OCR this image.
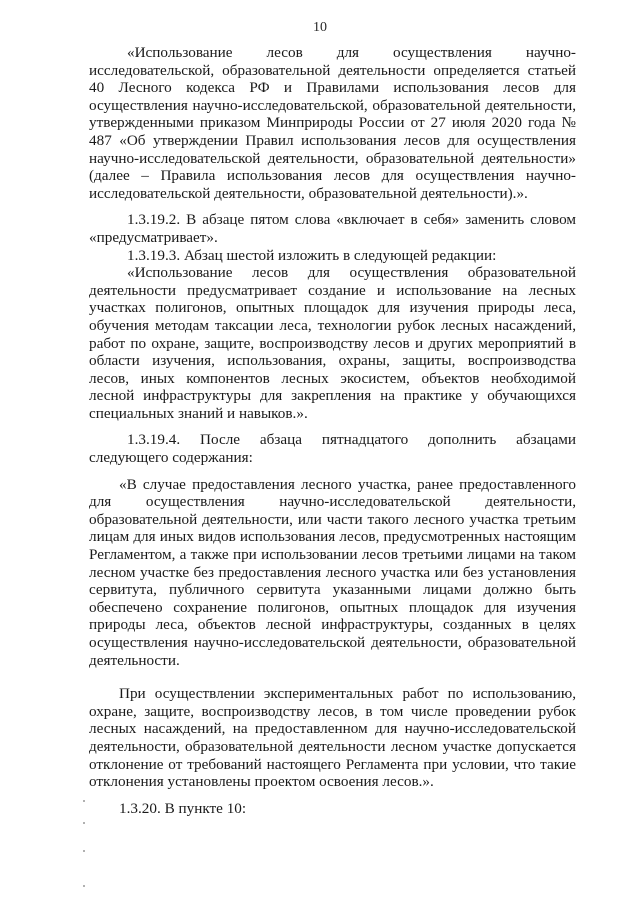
10

«Использование лесов для осуществления научно-исследовательской, образовательной деятельности определяется статьей 40 Лесного кодекса РФ и Правилами использования лесов для осуществления научно-исследовательской, образовательной деятельности, утвержденными приказом Минприроды России от 27 июля 2020 года № 487 «Об утверждении Правил использования лесов для осуществления научно-исследовательской деятельности, образовательной деятельности» (далее – Правила использования лесов для осуществления научно-исследовательской деятельности, образовательной деятельности).».

1.3.19.2. В абзаце пятом слова «включает в себя» заменить словом «предусматривает».

1.3.19.3. Абзац шестой изложить в следующей редакции:

«Использование лесов для осуществления образовательной деятельности предусматривает создание и использование на лесных участках полигонов, опытных площадок для изучения природы леса, обучения методам таксации леса, технологии рубок лесных насаждений, работ по охране, защите, воспроизводству лесов и других мероприятий в области изучения, использования, охраны, защиты, воспроизводства лесов, иных компонентов лесных экосистем, объектов необходимой лесной инфраструктуры для закрепления на практике у обучающихся специальных знаний и навыков.».

1.3.19.4. После абзаца пятнадцатого дополнить абзацами следующего содержания:

«В случае предоставления лесного участка, ранее предоставленного для осуществления научно-исследовательской деятельности, образовательной деятельности, или части такого лесного участка третьим лицам для иных видов использования лесов, предусмотренных настоящим Регламентом, а также при использовании лесов третьими лицами на таком лесном участке без предоставления лесного участка или без установления сервитута, публичного сервитута указанными лицами должно быть обеспечено сохранение полигонов, опытных площадок для изучения природы леса, объектов лесной инфраструктуры, созданных в целях осуществления научно-исследовательской деятельности, образовательной деятельности.

При осуществлении экспериментальных работ по использованию, охране, защите, воспроизводству лесов, в том числе проведении рубок лесных насаждений, на предоставленном для научно-исследовательской деятельности, образовательной деятельности лесном участке допускается отклонение от требований настоящего Регламента при условии, что такие отклонения установлены проектом освоения лесов.».

1.3.20. В пункте 10:
